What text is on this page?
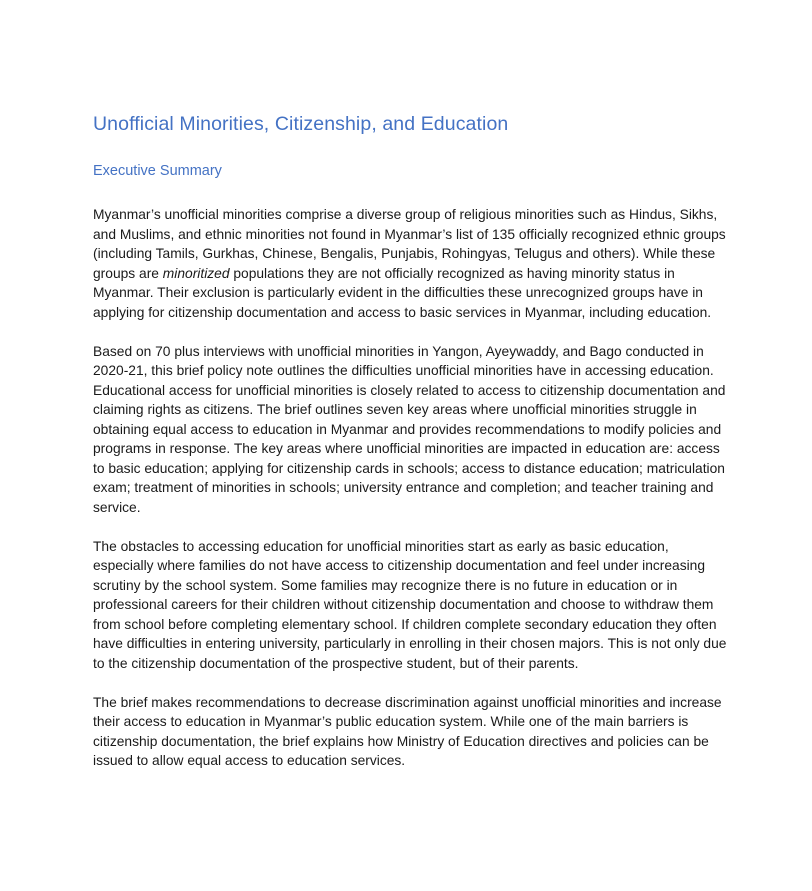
Unofficial Minorities, Citizenship, and Education
Executive Summary

Myanmar’s unofficial minorities comprise a diverse group of religious minorities such as Hindus, Sikhs, and Muslims, and ethnic minorities not found in Myanmar’s list of 135 officially recognized ethnic groups (including Tamils, Gurkhas, Chinese, Bengalis, Punjabis, Rohingyas, Telugus and others). While these groups are minoritized populations they are not officially recognized as having minority status in Myanmar. Their exclusion is particularly evident in the difficulties these unrecognized groups have in applying for citizenship documentation and access to basic services in Myanmar, including education.

Based on 70 plus interviews with unofficial minorities in Yangon, Ayeywaddy, and Bago conducted in 2020-21, this brief policy note outlines the difficulties unofficial minorities have in accessing education. Educational access for unofficial minorities is closely related to access to citizenship documentation and claiming rights as citizens. The brief outlines seven key areas where unofficial minorities struggle in obtaining equal access to education in Myanmar and provides recommendations to modify policies and programs in response. The key areas where unofficial minorities are impacted in education are: access to basic education; applying for citizenship cards in schools; access to distance education; matriculation exam; treatment of minorities in schools; university entrance and completion; and teacher training and service.

The obstacles to accessing education for unofficial minorities start as early as basic education, especially where families do not have access to citizenship documentation and feel under increasing scrutiny by the school system. Some families may recognize there is no future in education or in professional careers for their children without citizenship documentation and choose to withdraw them from school before completing elementary school. If children complete secondary education they often have difficulties in entering university, particularly in enrolling in their chosen majors. This is not only due to the citizenship documentation of the prospective student, but of their parents.

The brief makes recommendations to decrease discrimination against unofficial minorities and increase their access to education in Myanmar’s public education system. While one of the main barriers is citizenship documentation, the brief explains how Ministry of Education directives and policies can be issued to allow equal access to education services.
